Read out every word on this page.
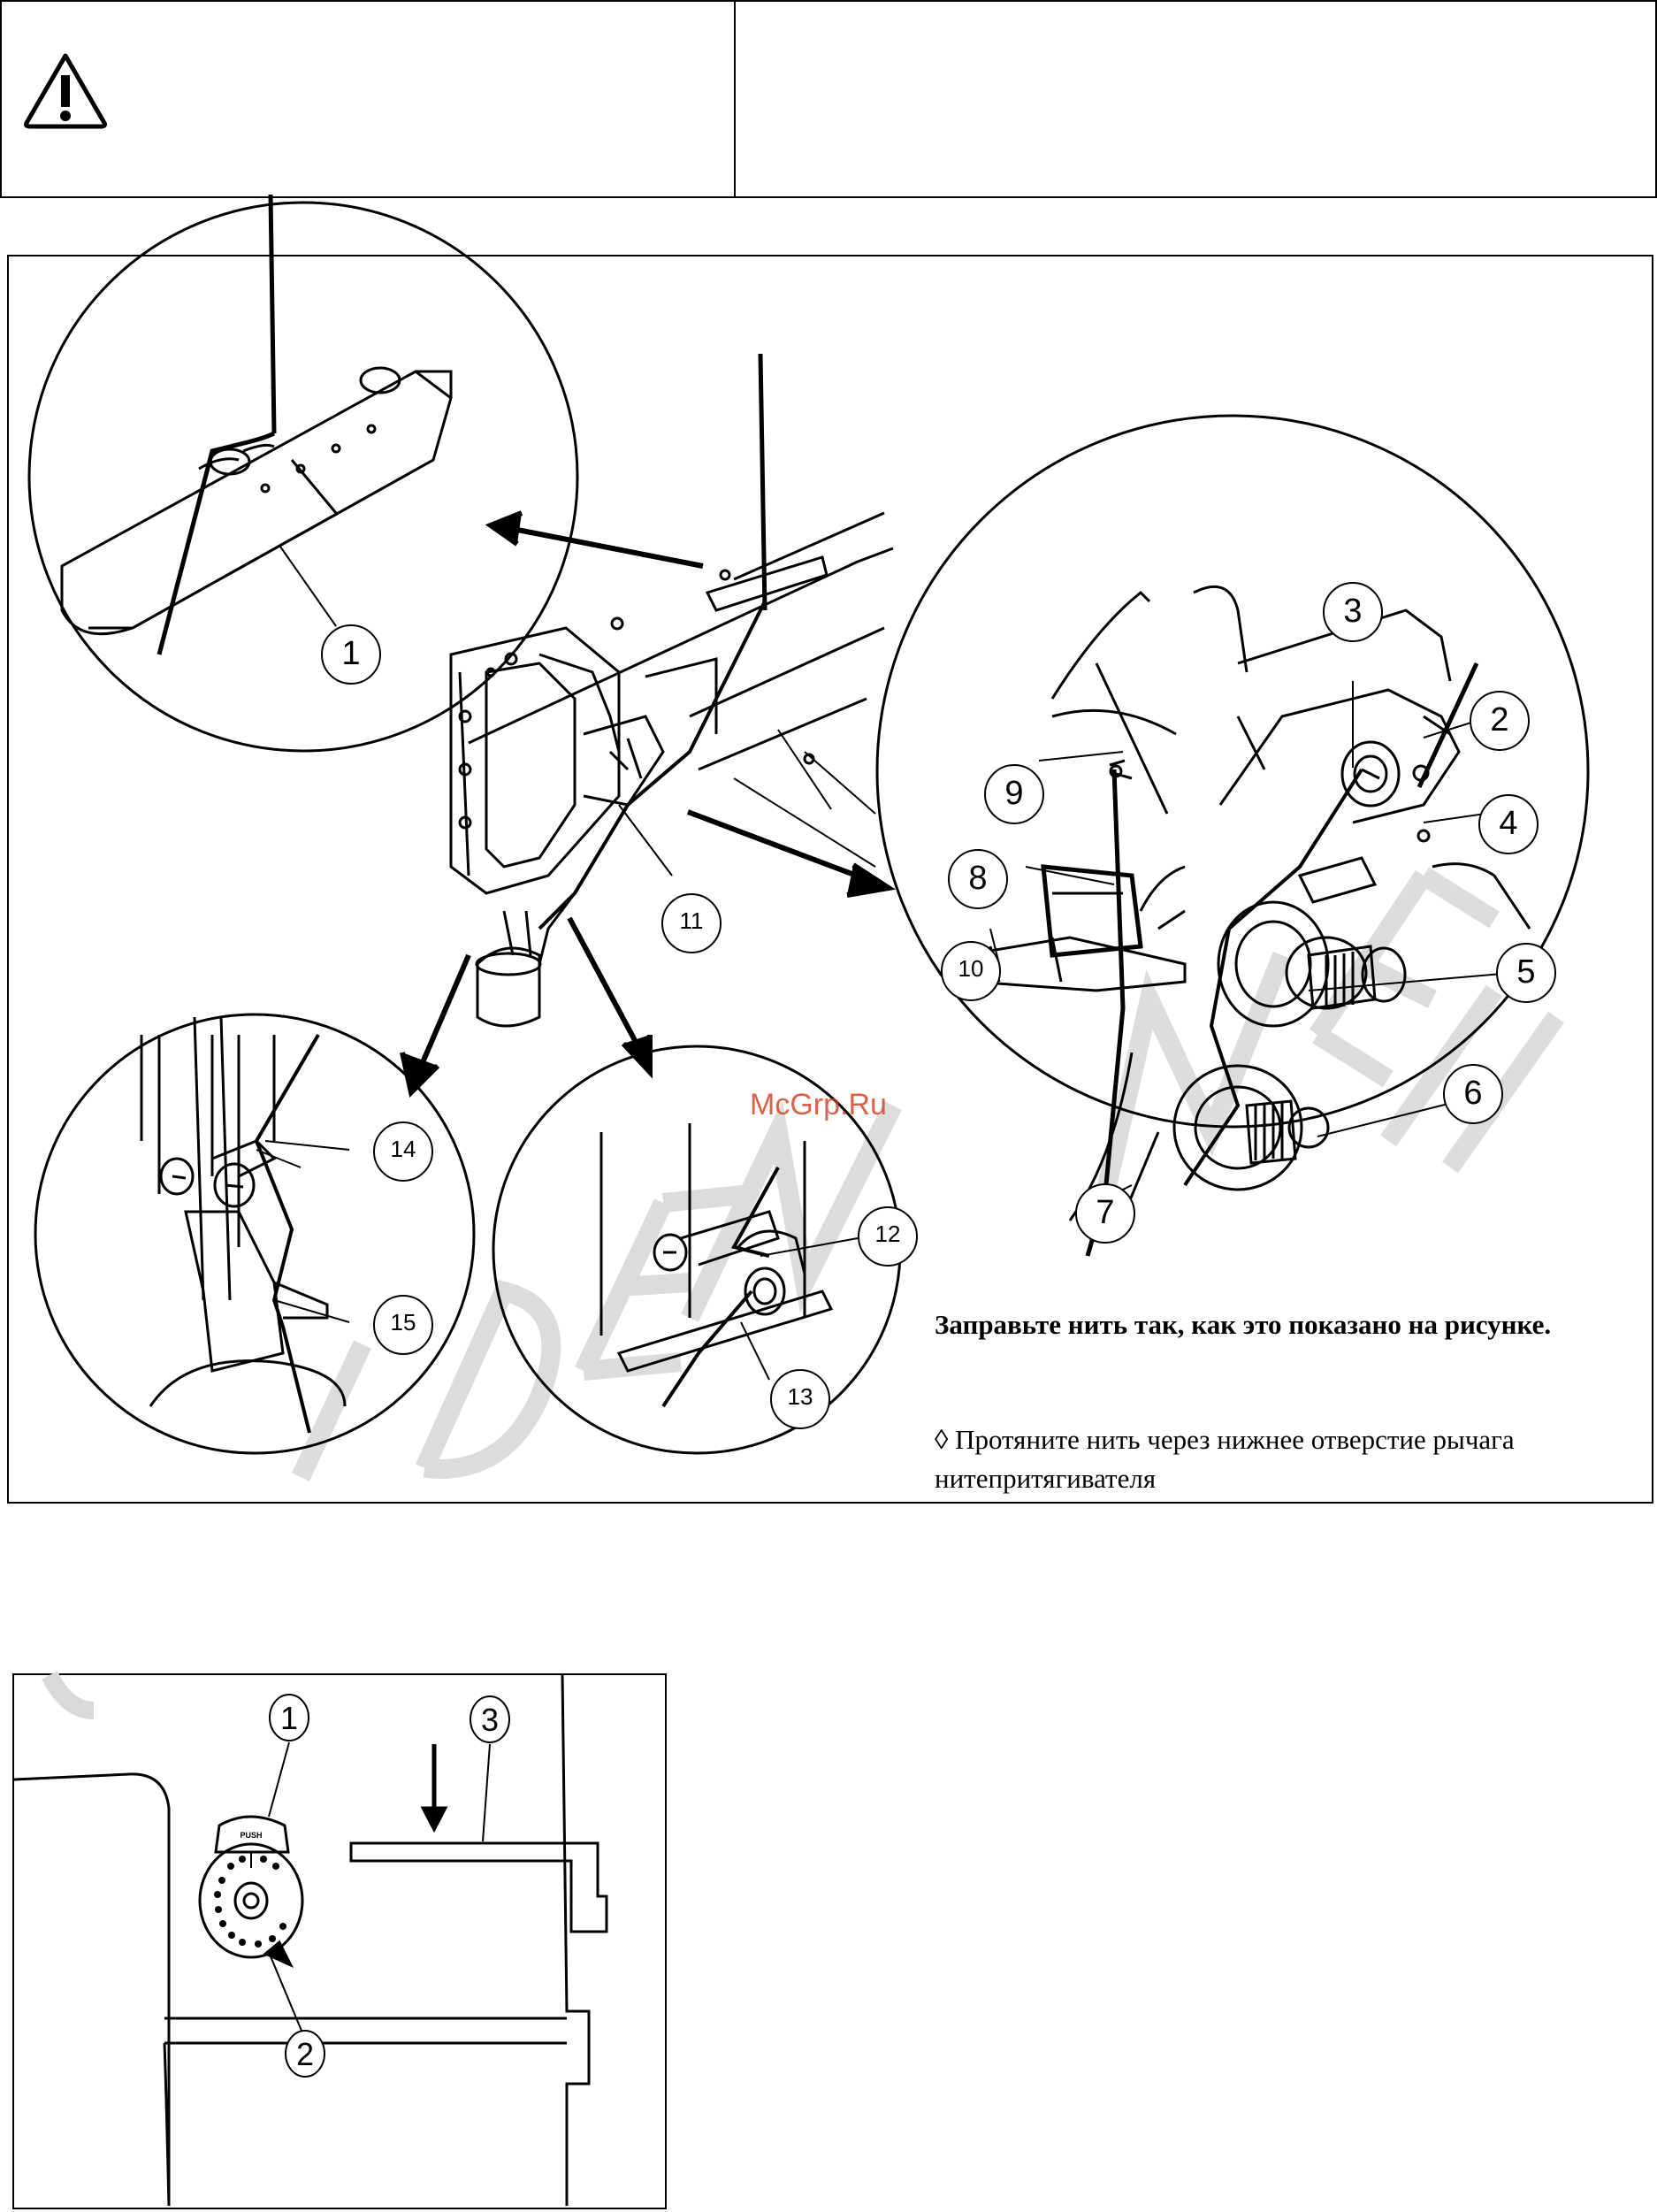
1
2
3
4
5
6
7
8
9
10
11
12
13
14
15
McGrp.Ru
Заправьте нить так, как это показано на рисунке.
◊ Протяните нить через нижнее отверстие рычага нитепритягивателя
1
2
3
PUSH
